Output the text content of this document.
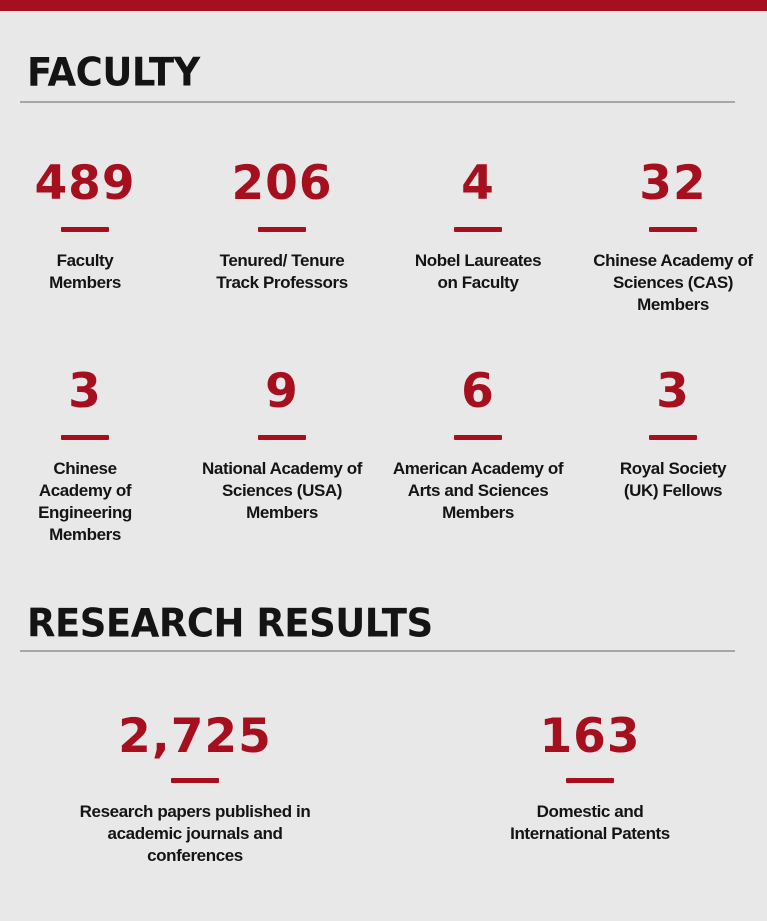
FACULTY
489
Faculty Members
206
Tenured/ Tenure Track Professors
4
Nobel Laureates on Faculty
32
Chinese Academy of Sciences (CAS) Members
3
Chinese Academy of Engineering Members
9
National Academy of Sciences (USA) Members
6
American Academy of Arts and Sciences Members
3
Royal Society (UK) Fellows
RESEARCH RESULTS
2,725
Research papers published in academic journals and conferences
163
Domestic and International Patents
